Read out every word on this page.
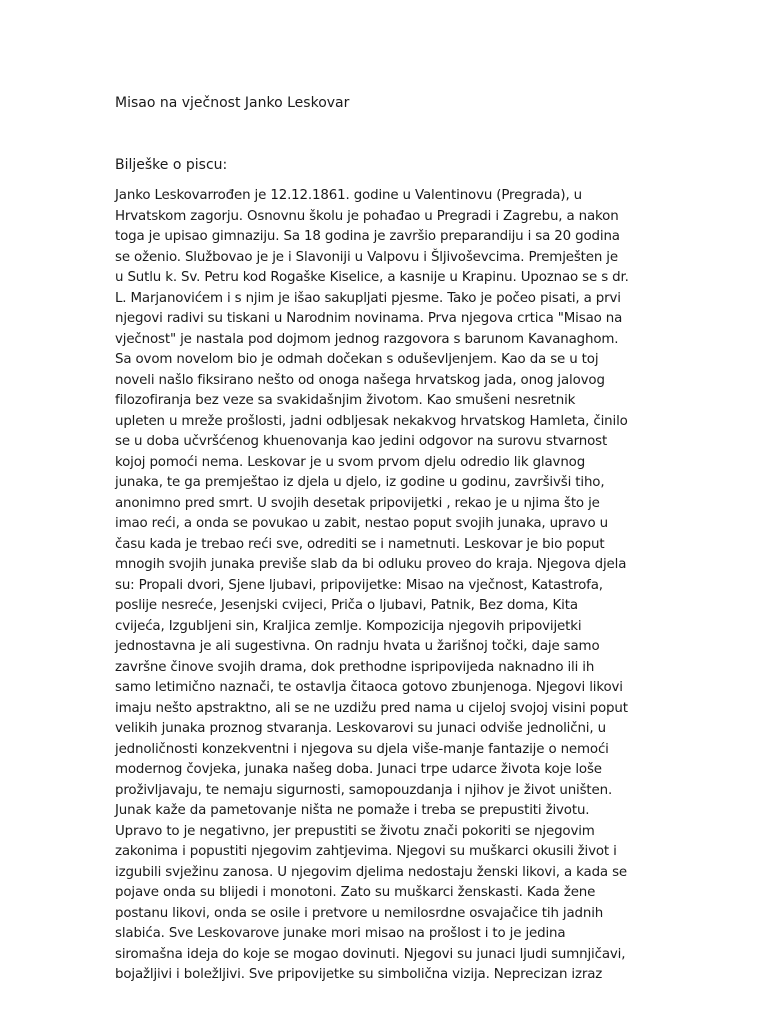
Misao na vječnost Janko Leskovar
Bilješke o piscu:
Janko Leskovarrođen je 12.12.1861. godine u Valentinovu (Pregrada), u
Hrvatskom zagorju. Osnovnu školu je pohađao u Pregradi i Zagrebu, a nakon
toga je upisao gimnaziju. Sa 18 godina je završio preparandiju i sa 20 godina
se oženio. Službovao je je i Slavoniji u Valpovu i Šljivoševcima. Premješten je
u Sutlu k. Sv. Petru kod Rogaške Kiselice, a kasnije u Krapinu. Upoznao se s dr.
L. Marjanovićem i s njim je išao sakupljati pjesme. Tako je počeo pisati, a prvi
njegovi radivi su tiskani u Narodnim novinama. Prva njegova crtica "Misao na
vječnost" je nastala pod dojmom jednog razgovora s barunom Kavanaghom.
Sa ovom novelom bio je odmah dočekan s oduševljenjem. Kao da se u toj
noveli našlo fiksirano nešto od onoga našega hrvatskog jada, onog jalovog
filozofiranja bez veze sa svakidašnjim životom. Kao smušeni nesretnik
upleten u mreže prošlosti, jadni odbljesak nekakvog hrvatskog Hamleta, činilo
se u doba učvršćenog khuenovanja kao jedini odgovor na surovu stvarnost
kojoj pomoći nema. Leskovar je u svom prvom djelu odredio lik glavnog
junaka, te ga premještao iz djela u djelo, iz godine u godinu, završivši tiho,
anonimno pred smrt. U svojih desetak pripovijetki , rekao je u njima što je
imao reći, a onda se povukao u zabit, nestao poput svojih junaka, upravo u
času kada je trebao reći sve, odrediti se i nametnuti. Leskovar je bio poput
mnogih svojih junaka previše slab da bi odluku proveo do kraja. Njegova djela
su: Propali dvori, Sjene ljubavi, pripovijetke: Misao na vječnost, Katastrofa,
poslije nesreće, Jesenjski cvijeci, Priča o ljubavi, Patnik, Bez doma, Kita
cvijeća, Izgubljeni sin, Kraljica zemlje. Kompozicija njegovih pripovijetki
jednostavna je ali sugestivna. On radnju hvata u žarišnoj točki, daje samo
završne činove svojih drama, dok prethodne ispripovijeda naknadno ili ih
samo letimično naznači, te ostavlja čitaoca gotovo zbunjenoga. Njegovi likovi
imaju nešto apstraktno, ali se ne uzdižu pred nama u cijeloj svojoj visini poput
velikih junaka proznog stvaranja. Leskovarovi su junaci odviše jednolični, u
jednoličnosti konzekventni i njegova su djela više-manje fantazije o nemoći
modernog čovjeka, junaka našeg doba. Junaci trpe udarce života koje loše
proživljavaju, te nemaju sigurnosti, samopouzdanja i njihov je život uništen.
Junak kaže da pametovanje ništa ne pomaže i treba se prepustiti životu.
Upravo to je negativno, jer prepustiti se životu znači pokoriti se njegovim
zakonima i popustiti njegovim zahtjevima. Njegovi su muškarci okusili život i
izgubili svježinu zanosa. U njegovim djelima nedostaju ženski likovi, a kada se
pojave onda su blijedi i monotoni. Zato su muškarci ženskasti. Kada žene
postanu likovi, onda se osile i pretvore u nemilosrdne osvajačice tih jadnih
slabića. Sve Leskovarove junake mori misao na prošlost i to je jedina
siromašna ideja do koje se mogao dovinuti. Njegovi su junaci ljudi sumnjičavi,
bojažljivi i boležljivi. Sve pripovijetke su simbolična vizija. Neprecizan izraz
